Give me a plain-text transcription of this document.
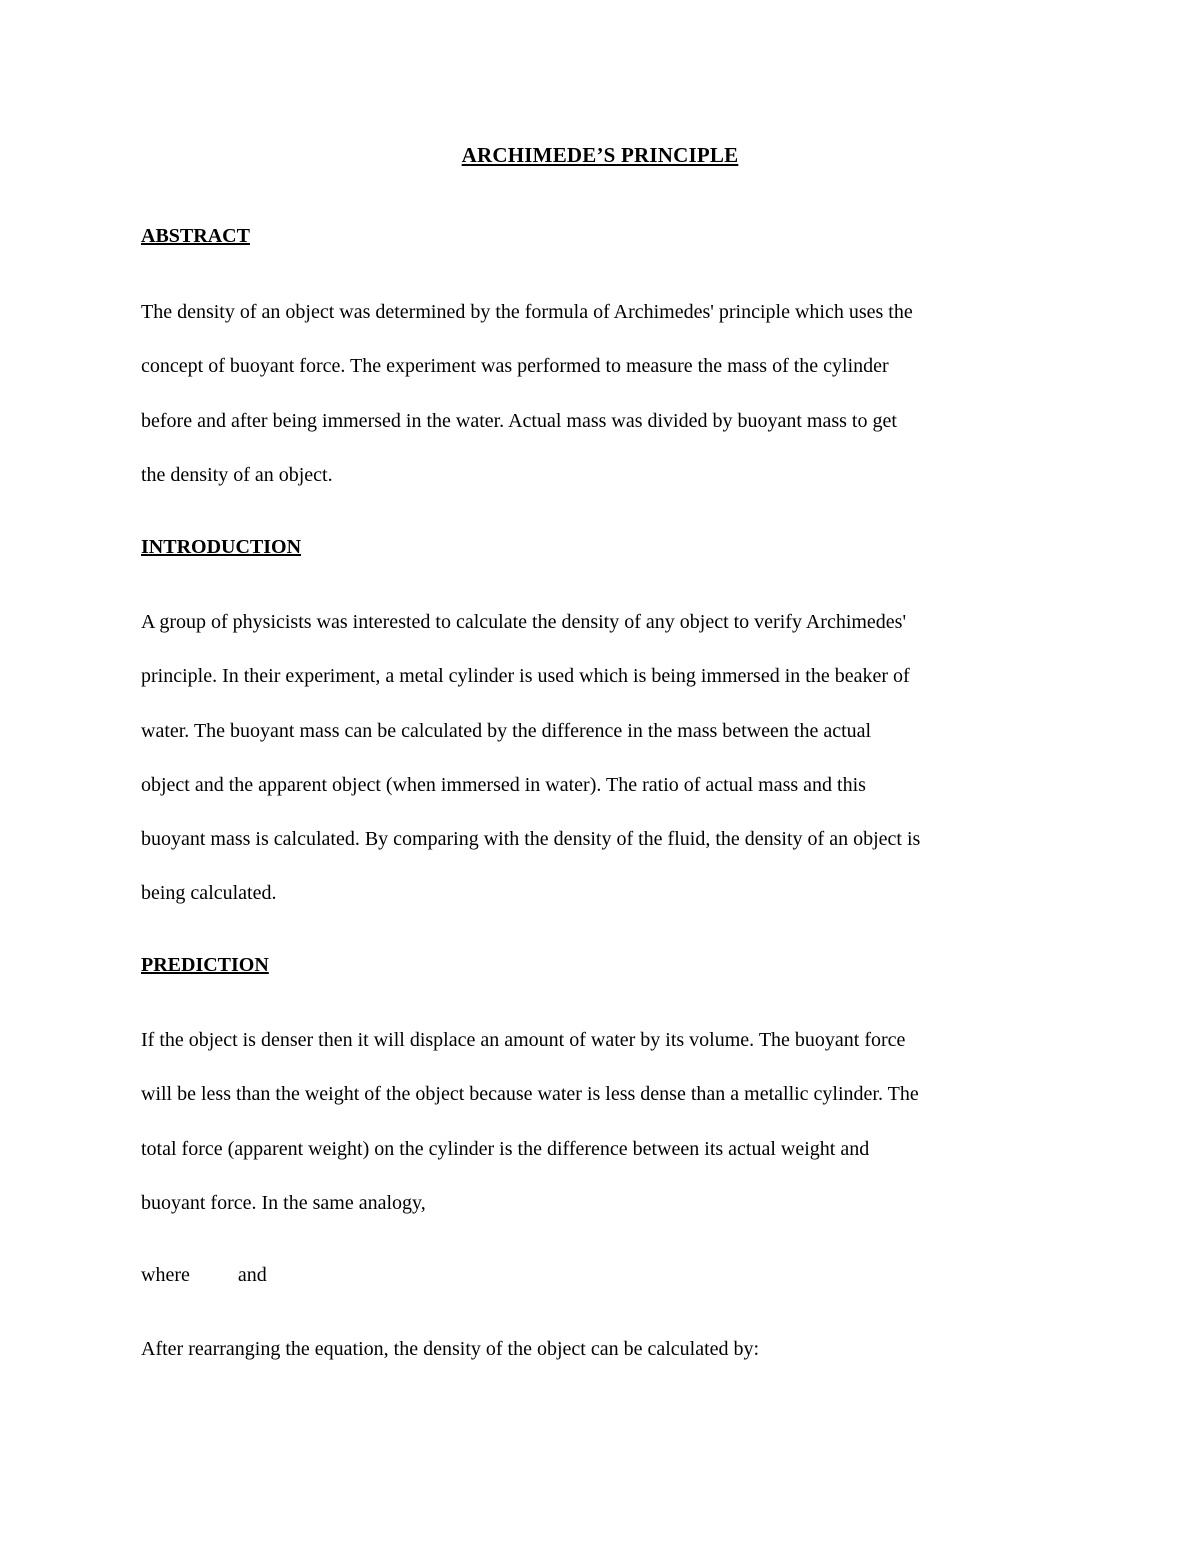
ARCHIMEDE’S PRINCIPLE
ABSTRACT
The density of an object was determined by the formula of Archimedes' principle which uses the
concept of buoyant force. The experiment was performed to measure the mass of the cylinder
before and after being immersed in the water. Actual mass was divided by buoyant mass to get
the density of an object.
INTRODUCTION
A group of physicists was interested to calculate the density of any object to verify Archimedes'
principle. In their experiment, a metal cylinder is used which is being immersed in the beaker of
water. The buoyant mass can be calculated by the difference in the mass between the actual
object and the apparent object (when immersed in water). The ratio of actual mass and this
buoyant mass is calculated. By comparing with the density of the fluid, the density of an object is
being calculated.
PREDICTION
If the object is denser then it will displace an amount of water by its volume. The buoyant force
will be less than the weight of the object because water is less dense than a metallic cylinder. The
total force (apparent weight) on the cylinder is the difference between its actual weight and
buoyant force. In the same analogy,
where and
After rearranging the equation, the density of the object can be calculated by:
